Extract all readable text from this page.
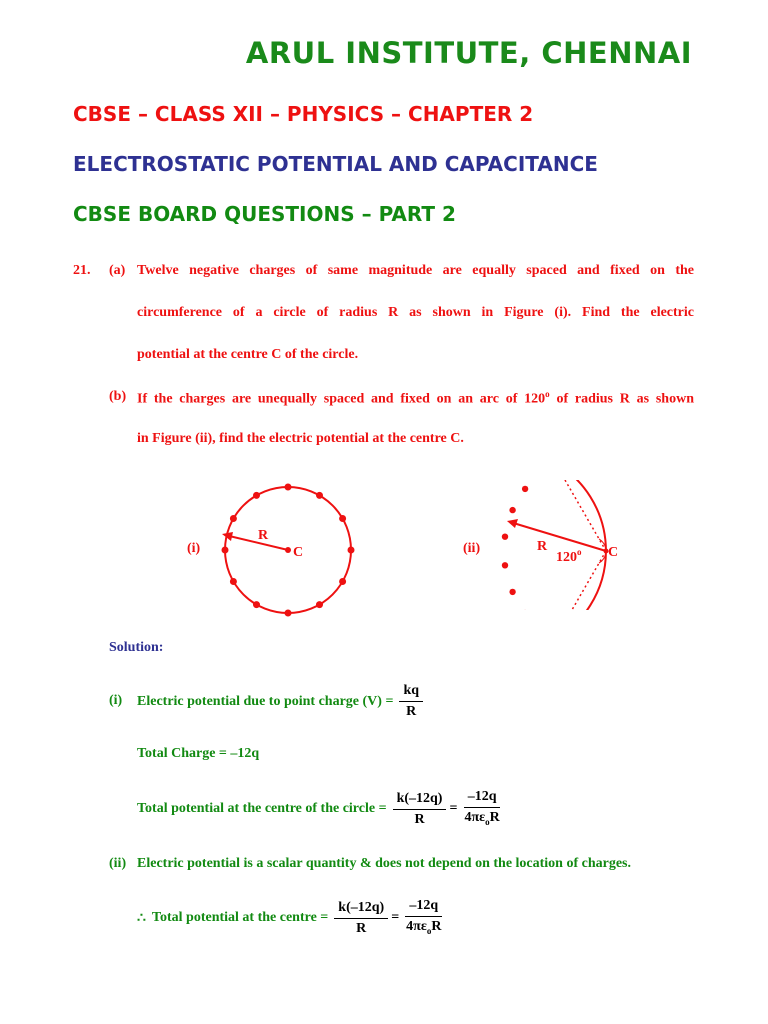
ARUL INSTITUTE, CHENNAI
CBSE – CLASS XII – PHYSICS – CHAPTER 2
ELECTROSTATIC POTENTIAL AND CAPACITANCE
CBSE BOARD QUESTIONS – PART 2
21. (a) Twelve negative charges of same magnitude are equally spaced and fixed on the
circumference of a circle of radius R as shown in Figure (i). Find the electric
potential at the centre C of the circle.
(b) If the charges are unequally spaced and fixed on an arc of 120$^o$ of radius R as shown
in Figure (ii), find the electric potential at the centre C.
(i)
R
C	(ii)	R
120$^o$ C
Solution:
(i) Electric potential due to point charge $(V) = \frac{kq}{R}$
Total Charge = –12q
Total potential at the centre of the circle = $\frac{k(-12q)}{R} = \frac{-12q}{4\pi\varepsilon_oR}$
(ii) Electric potential is a scalar quantity & does not depend on the location of charges.
∴ Total potential at the centre = $\frac{k(-12q)}{R} = \frac{-12q}{4\pi\varepsilon_oR}$
